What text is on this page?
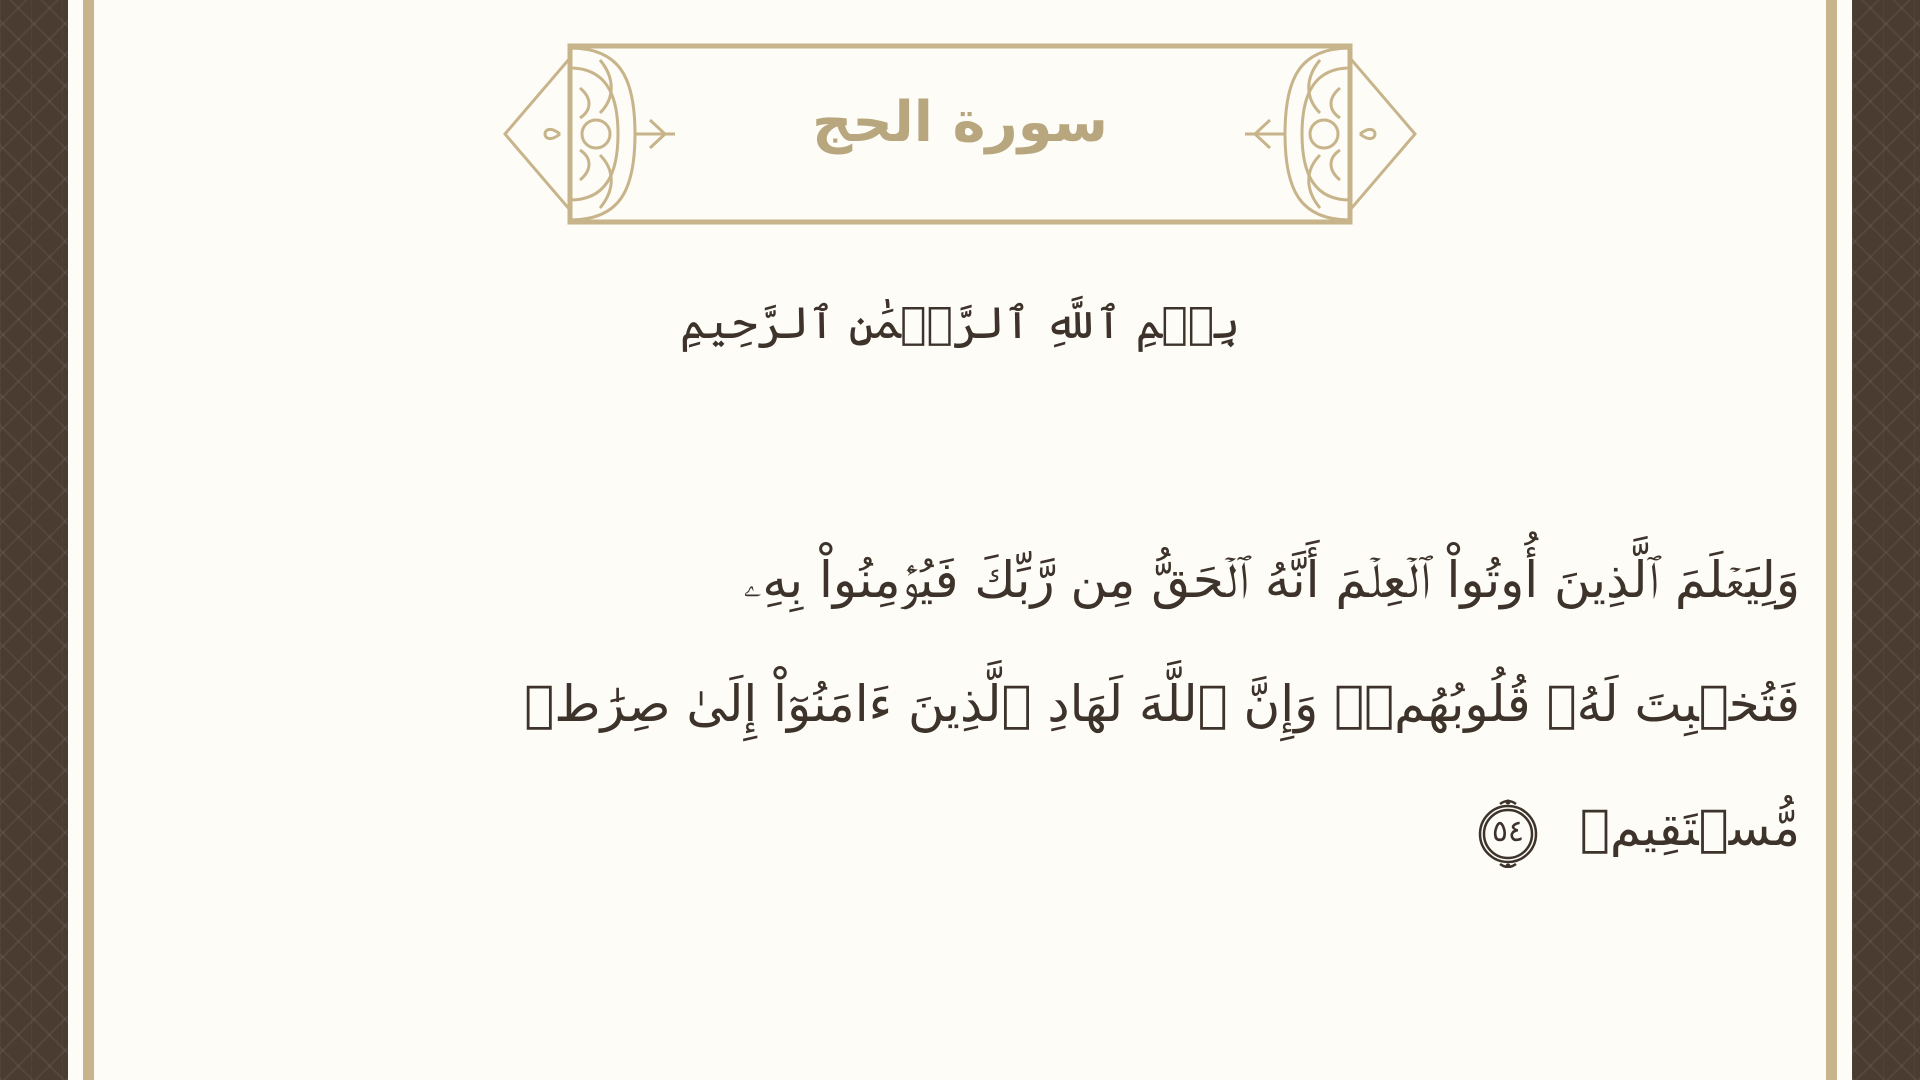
سورة الحج
بِسۡمِ ٱللَّهِ ٱلرَّحۡمَٰنِ ٱلرَّحِيمِ
وَلِيَعۡلَمَ ٱلَّذِينَ أُوتُواْ ٱلۡعِلۡمَ أَنَّهُ ٱلۡحَقُّ مِن رَّبِّكَ فَيُؤۡمِنُواْ بِهِۦ
فَتُخۡبِتَ لَهُۥ قُلُوبُهُمۡۗ وَإِنَّ ٱللَّهَ لَهَادِ ٱلَّذِينَ ءَامَنُوٓاْ إِلَىٰ صِرَٰطٖ
مُّسۡتَقِيمٖ
٥٤
